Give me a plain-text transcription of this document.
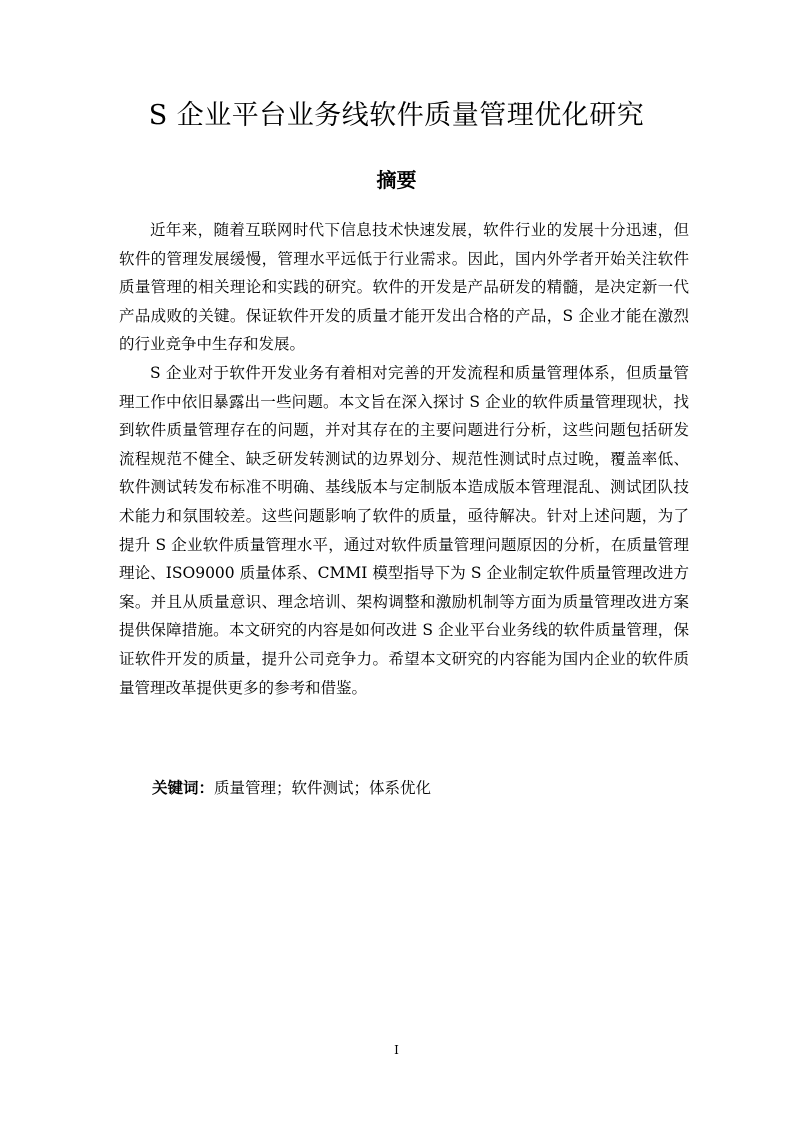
S 企业平台业务线软件质量管理优化研究
摘要

近年来，随着互联网时代下信息技术快速发展，软件行业的发展十分迅速，但软件的管理发展缓慢，管理水平远低于行业需求。因此，国内外学者开始关注软件质量管理的相关理论和实践的研究。软件的开发是产品研发的精髓，是决定新一代产品成败的关键。保证软件开发的质量才能开发出合格的产品，S 企业才能在激烈的行业竞争中生存和发展。

S 企业对于软件开发业务有着相对完善的开发流程和质量管理体系，但质量管理工作中依旧暴露出一些问题。本文旨在深入探讨 S 企业的软件质量管理现状，找到软件质量管理存在的问题，并对其存在的主要问题进行分析，这些问题包括研发流程规范不健全、缺乏研发转测试的边界划分、规范性测试时点过晚，覆盖率低、软件测试转发布标准不明确、基线版本与定制版本造成版本管理混乱、测试团队技术能力和氛围较差。这些问题影响了软件的质量，亟待解决。针对上述问题，为了提升 S 企业软件质量管理水平，通过对软件质量管理问题原因的分析，在质量管理理论、ISO9000 质量体系、CMMI 模型指导下为 S 企业制定软件质量管理改进方案。并且从质量意识、理念培训、架构调整和激励机制等方面为质量管理改进方案提供保障措施。本文研究的内容是如何改进 S 企业平台业务线的软件质量管理，保证软件开发的质量，提升公司竞争力。希望本文研究的内容能为国内企业的软件质量管理改革提供更多的参考和借鉴。

关键词：质量管理；软件测试；体系优化
I
